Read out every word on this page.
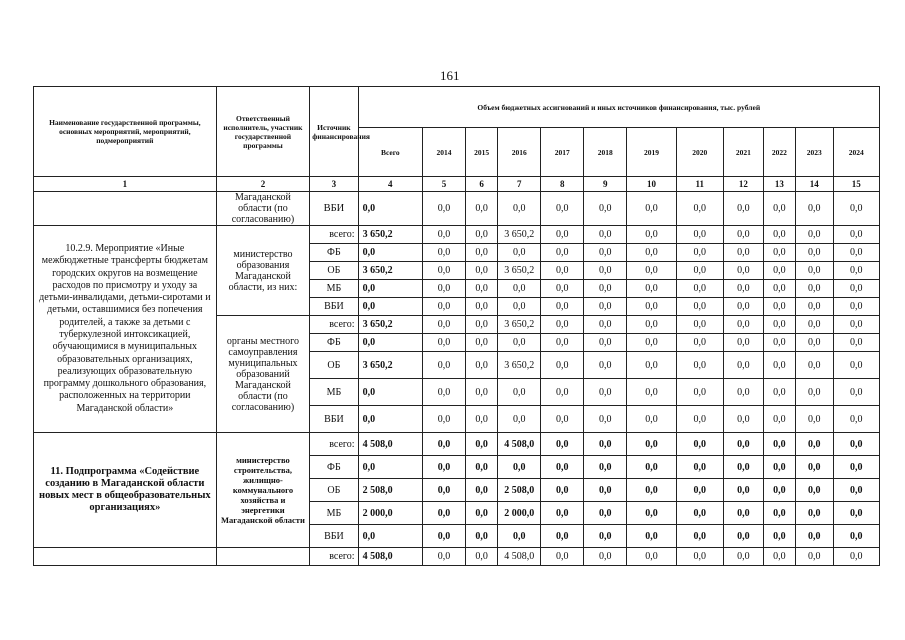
161
Наименование государственной программы, основных мероприятий, мероприятий, подмероприятий	Ответственный исполнитель, участник государственной программы	Источник финансирования	Объем бюджетных ассигнований и иных источников финансирования, тыс. рублей											
			Всего	2014	2015	2016	2017	2018	2019	2020	2021	2022	2023	2024
1	2	3	4	5	6	7	8	9	10	11	12	13	14	15
	Магаданской области (по согласованию)	ВБИ	0,0	0,0	0,0	0,0	0,0	0,0	0,0	0,0	0,0	0,0	0,0	0,0
10.2.9. Мероприятие «Иные межбюджетные трансферты бюджетам городских округов на возмещение расходов по присмотру и уходу за детьми-инвалидами, детьми-сиротами и детьми, оставшимися без попечения родителей, а также за детьми с туберкулезной интоксикацией, обучающимися в муниципальных образовательных организациях, реализующих образовательную программу дошкольного образования, расположенных на территории Магаданской области»	министерство образования Магаданской области, из них:	всего:	3 650,2	0,0	0,0	3 650,2	0,0	0,0	0,0	0,0	0,0	0,0	0,0	0,0
		ФБ	0,0	0,0	0,0	0,0	0,0	0,0	0,0	0,0	0,0	0,0	0,0	0,0
		ОБ	3 650,2	0,0	0,0	3 650,2	0,0	0,0	0,0	0,0	0,0	0,0	0,0	0,0
		МБ	0,0	0,0	0,0	0,0	0,0	0,0	0,0	0,0	0,0	0,0	0,0	0,0
		ВБИ	0,0	0,0	0,0	0,0	0,0	0,0	0,0	0,0	0,0	0,0	0,0	0,0
	органы местного самоуправления муниципальных образований Магаданской области (по согласованию)	всего:	3 650,2	0,0	0,0	3 650,2	0,0	0,0	0,0	0,0	0,0	0,0	0,0	0,0
		ФБ	0,0	0,0	0,0	0,0	0,0	0,0	0,0	0,0	0,0	0,0	0,0	0,0
		ОБ	3 650,2	0,0	0,0	3 650,2	0,0	0,0	0,0	0,0	0,0	0,0	0,0	0,0
		МБ	0,0	0,0	0,0	0,0	0,0	0,0	0,0	0,0	0,0	0,0	0,0	0,0
		ВБИ	0,0	0,0	0,0	0,0	0,0	0,0	0,0	0,0	0,0	0,0	0,0	0,0
11. Подпрограмма «Содействие созданию в Магаданской области новых мест в общеобразовательных организациях»	министерство строительства, жилищно-коммунального хозяйства и энергетики Магаданской области	всего:	4 508,0	0,0	0,0	4 508,0	0,0	0,0	0,0	0,0	0,0	0,0	0,0	0,0
		ФБ	0,0	0,0	0,0	0,0	0,0	0,0	0,0	0,0	0,0	0,0	0,0	0,0
		ОБ	2 508,0	0,0	0,0	2 508,0	0,0	0,0	0,0	0,0	0,0	0,0	0,0	0,0
		МБ	2 000,0	0,0	0,0	2 000,0	0,0	0,0	0,0	0,0	0,0	0,0	0,0	0,0
		ВБИ	0,0	0,0	0,0	0,0	0,0	0,0	0,0	0,0	0,0	0,0	0,0	0,0
		всего:	4 508,0	0,0	0,0	4 508,0	0,0	0,0	0,0	0,0	0,0	0,0	0,0	0,0
